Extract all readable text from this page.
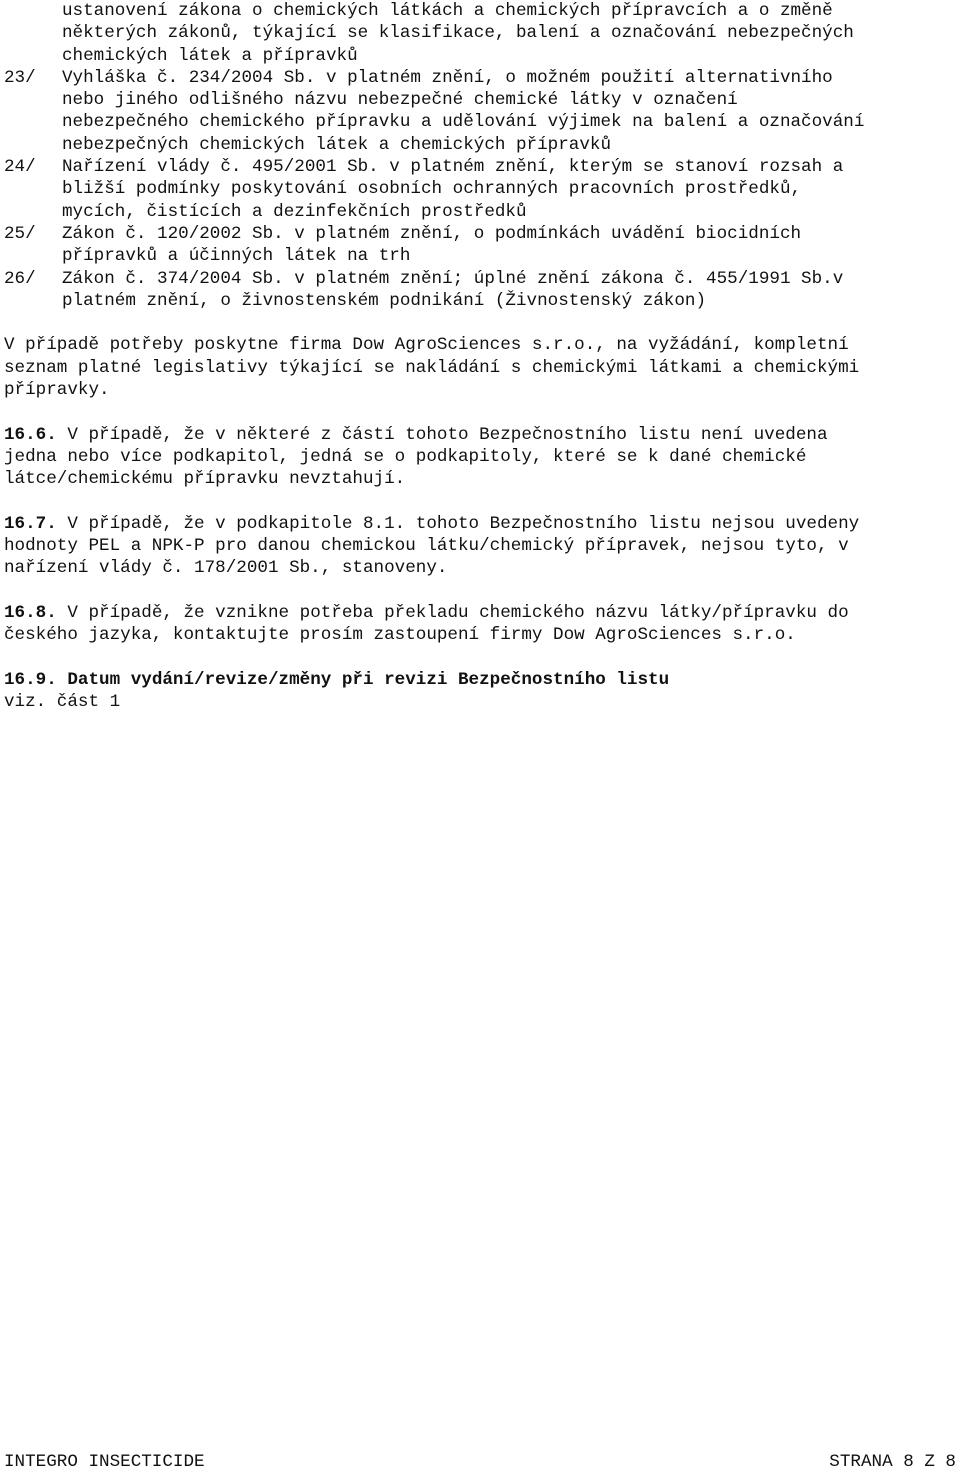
ustanovení zákona o chemických látkách a chemických přípravcích a o změně
některých zákonů, týkající se klasifikace, balení a označování nebezpečných
chemických látek a přípravků
23/	Vyhláška č. 234/2004 Sb. v platném znění, o možném použití alternativního
nebo jiného odlišného názvu nebezpečné chemické látky v označení
nebezpečného chemického přípravku a udělování výjimek na balení a označování
nebezpečných chemických látek a chemických přípravků
24/	Nařízení vlády č. 495/2001 Sb. v platném znění, kterým se stanoví rozsah a
bližší podmínky poskytování osobních ochranných pracovních prostředků,
mycích, čistících a dezinfekčních prostředků
25/	Zákon č. 120/2002 Sb. v platném znění, o podmínkách uvádění biocidních
přípravků a účinných látek na trh
26/	Zákon č. 374/2004 Sb. v platném znění; úplné znění zákona č. 455/1991 Sb.v
platném znění, o živnostenském podnikání (Živnostenský zákon)
V případě potřeby poskytne firma Dow AgroSciences s.r.o., na vyžádání, kompletní
seznam platné legislativy týkající se nakládání s chemickými látkami a chemickými
přípravky.
16.6. V případě, že v některé z částí tohoto Bezpečnostního listu není uvedena
jedna nebo více podkapitol, jedná se o podkapitoly, které se k dané chemické
látce/chemickému přípravku nevztahují.
16.7. V případě, že v podkapitole 8.1. tohoto Bezpečnostního listu nejsou uvedeny
hodnoty PEL a NPK-P pro danou chemickou látku/chemický přípravek, nejsou tyto, v
nařízení vlády č. 178/2001 Sb., stanoveny.
16.8. V případě, že vznikne potřeba překladu chemického názvu látky/přípravku do
českého jazyka, kontaktujte prosím zastoupení firmy Dow AgroSciences s.r.o.
16.9. Datum vydání/revize/změny při revizi Bezpečnostního listu
viz. část 1
INTEGRO INSECTICIDE	STRANA 8 Z 8
